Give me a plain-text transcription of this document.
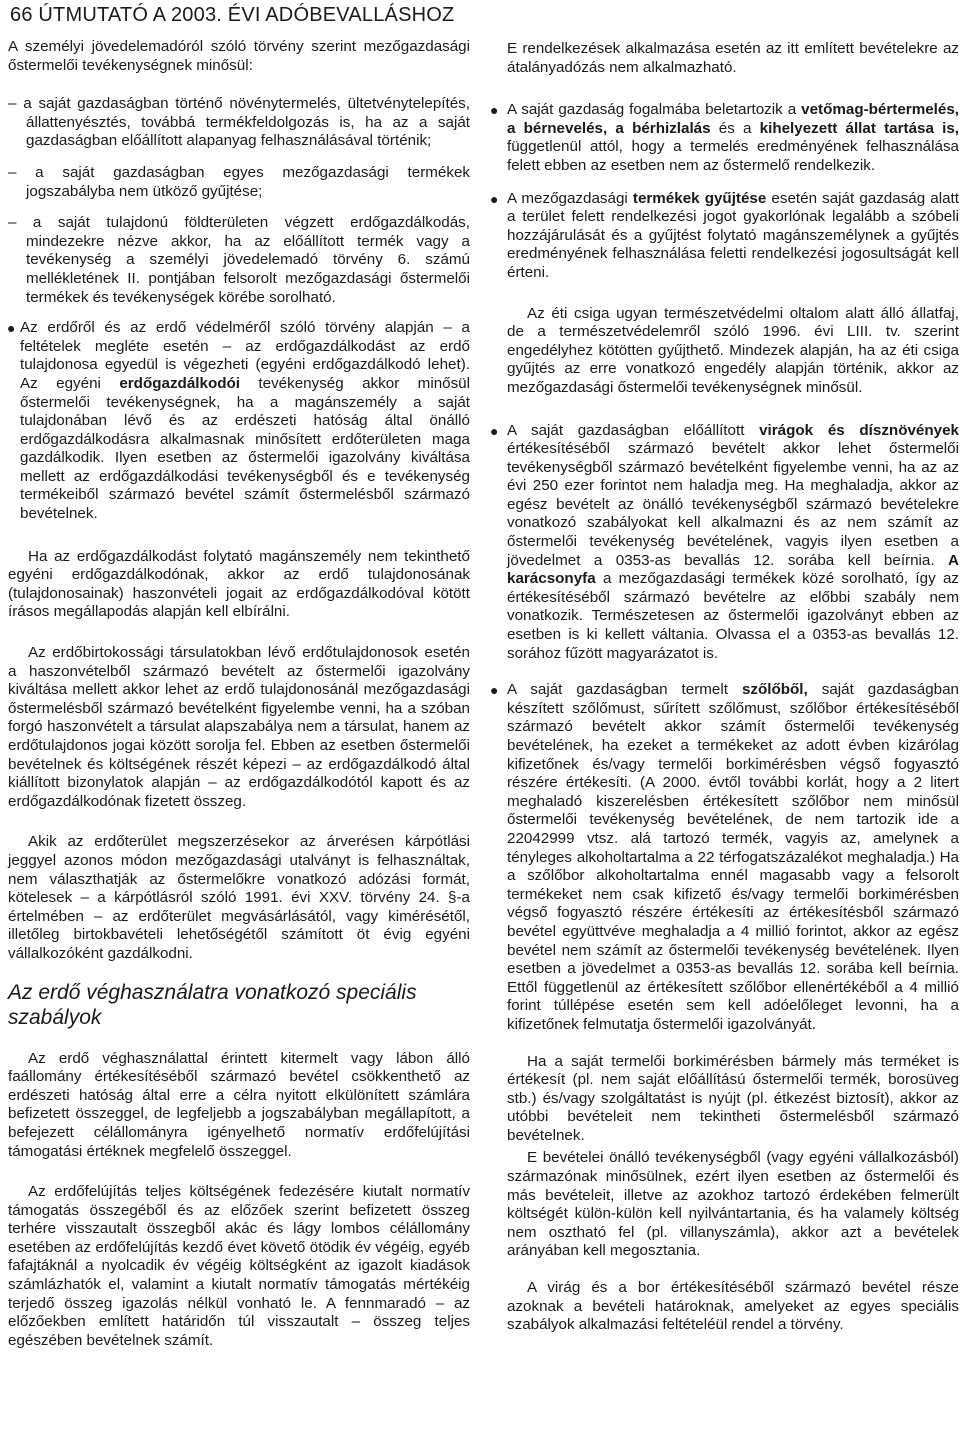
66 ÚTMUTATÓ A 2003. ÉVI ADÓBEVALLÁSHOZ

A személyi jövedelemadóról szóló törvény szerint mezőgazdasági őstermelői tevékenységnek minősül:

– a saját gazdaságban történő növénytermelés, ültetvénytelepítés, állattenyésztés, továbbá termékfeldolgozás is, ha az a saját gazdaságban előállított alapanyag felhasználásával történik;

– a saját gazdaságban egyes mezőgazdasági termékek jogszabályba nem ütköző gyűjtése;

– a saját tulajdonú földterületen végzett erdőgazdálkodás, mindezekre nézve akkor, ha az előállított termék vagy a tevékenység a személyi jövedelemadó törvény 6. számú mellékletének II. pontjában felsorolt mezőgazdasági őstermelői termékek és tevékenységek körébe sorolható.

● Az erdőről és az erdő védelméről szóló törvény alapján – a feltételek megléte esetén – az erdőgazdálkodást az erdő tulajdonosa egyedül is végezheti (egyéni erdőgazdálkodó lehet). Az egyéni erdőgazdálkodói tevékenység akkor minősül őstermelői tevékenységnek, ha a magánszemély a saját tulajdonában lévő és az erdészeti hatóság által önálló erdőgazdálkodásra alkalmasnak minősített erdőterületen maga gazdálkodik. Ilyen esetben az őstermelői igazolvány kiváltása mellett az erdőgazdálkodási tevékenységből és e tevékenység termékeiből származó bevétel számít őstermelésből származó bevételnek.

Ha az erdőgazdálkodást folytató magánszemély nem tekinthető egyéni erdőgazdálkodónak, akkor az erdő tulajdonosának (tulajdonosainak) haszonvételi jogait az erdőgazdálkodóval kötött írásos megállapodás alapján kell elbírálni.

Az erdőbirtokossági társulatokban lévő erdőtulajdonosok esetén a haszonvételből származó bevételt az őstermelői igazolvány kiváltása mellett akkor lehet az erdő tulajdonosánál mezőgazdasági őstermelésből származó bevételként figyelembe venni, ha a szóban forgó haszonvételt a társulat alapszabálya nem a társulat, hanem az erdőtulajdonos jogai között sorolja fel. Ebben az esetben őstermelői bevételnek és költségének részét képezi – az erdőgazdálkodó által kiállított bizonylatok alapján – az erdőgazdálkodótól kapott és az erdőgazdálkodónak fizetett összeg.

Akik az erdőterület megszerzésekor az árverésen kárpótlási jeggyel azonos módon mezőgazdasági utalványt is felhasználtak, nem választhatják az őstermelőkre vonatkozó adózási formát, kötelesek – a kárpótlásról szóló 1991. évi XXV. törvény 24. §-a értelmében – az erdőterület megvásárlásától, vagy kimérésétől, illetőleg birtokbavételi lehetőségétől számított öt évig egyéni vállalkozóként gazdálkodni.

Az erdő véghasználatra vonatkozó speciális szabályok

Az erdő véghasználattal érintett kitermelt vagy lábon álló faállomány értékesítéséből származó bevétel csökkenthető az erdészeti hatóság által erre a célra nyitott elkülönített számlára befizetett összeggel, de legfeljebb a jogszabályban megállapított, a befejezett célállományra igényelhető normatív erdőfelújítási támogatási értéknek megfelelő összeggel.

Az erdőfelújítás teljes költségének fedezésére kiutalt normatív támogatás összegéből és az előzőek szerint befizetett összeg terhére visszautalt összegből akác és lágy lombos célállomány esetében az erdőfelújítás kezdő évet követő ötödik év végéig, egyéb fafajtáknál a nyolcadik év végéig költségként az igazolt kiadások számlázhatók el, valamint a kiutalt normatív támogatás mértékéig terjedő összeg igazolás nélkül vonható le. A fennmaradó – az előzőekben említett határidőn túl visszautalt – összeg teljes egészében bevételnek számít.

E rendelkezések alkalmazása esetén az itt említett bevételekre az átalányadózás nem alkalmazható.

● A saját gazdaság fogalmába beletartozik a vetőmag-bértermelés, a bérnevelés, a bérhizlalás és a kihelyezett állat tartása is, függetlenül attól, hogy a termelés eredményének felhasználása felett ebben az esetben nem az őstermelő rendelkezik.

● A mezőgazdasági termékek gyűjtése esetén saját gazdaság alatt a terület felett rendelkezési jogot gyakorlónak legalább a szóbeli hozzájárulását és a gyűjtést folytató magánszemélynek a gyűjtés eredményének felhasználása feletti rendelkezési jogosultságát kell érteni.

Az éti csiga ugyan természetvédelmi oltalom alatt álló állatfaj, de a természetvédelemről szóló 1996. évi LIII. tv. szerint engedélyhez kötötten gyűjthető. Mindezek alapján, ha az éti csiga gyűjtés az erre vonatkozó engedély alapján történik, akkor az mezőgazdasági őstermelői tevékenységnek minősül.

● A saját gazdaságban előállított virágok és dísznövények értékesítéséből származó bevételt akkor lehet őstermelői tevékenységből származó bevételként figyelembe venni, ha az az évi 250 ezer forintot nem haladja meg. Ha meghaladja, akkor az egész bevételt az önálló tevékenységből származó bevételekre vonatkozó szabályokat kell alkalmazni és az nem számít az őstermelői tevékenység bevételének, vagyis ilyen esetben a jövedelmet a 0353-as bevallás 12. sorába kell beírnia. A karácsonyfa a mezőgazdasági termékek közé sorolható, így az értékesítéséből származó bevételre az előbbi szabály nem vonatkozik. Természetesen az őstermelői igazolványt ebben az esetben is ki kellett váltania. Olvassa el a 0353-as bevallás 12. sorához fűzött magyarázatot is.

● A saját gazdaságban termelt szőlőből, saját gazdaságban készített szőlőmust, sűrített szőlőmust, szőlőbor értékesítéséből származó bevételt akkor számít őstermelői tevékenység bevételének, ha ezeket a termékeket az adott évben kizárólag kifizetőnek és/vagy termelői borkimérésben végső fogyasztó részére értékesíti. (A 2000. évtől további korlát, hogy a 2 litert meghaladó kiszerelésben értékesített szőlőbor nem minősül őstermelői tevékenység bevételének, de nem tartozik ide a 22042999 vtsz. alá tartozó termék, vagyis az, amelynek a tényleges alkoholtartalma a 22 térfogatszázalékot meghaladja.) Ha a szőlőbor alkoholtartalma ennél magasabb vagy a felsorolt termékeket nem csak kifizető és/vagy termelői borkimérésben végső fogyasztó részére értékesíti az értékesítésből származó bevétel együttvéve meghaladja a 4 millió forintot, akkor az egész bevétel nem számít az őstermelői tevékenység bevételének. Ilyen esetben a jövedelmet a 0353-as bevallás 12. sorába kell beírnia. Ettől függetlenül az értékesített szőlőbor ellenértékéből a 4 millió forint túllépése esetén sem kell adóelőleget levonni, ha a kifizetőnek felmutatja őstermelői igazolványát.

Ha a saját termelői borkimérésben bármely más terméket is értékesít (pl. nem saját előállítású őstermelői termék, borosüveg stb.) és/vagy szolgáltatást is nyújt (pl. étkezést biztosít), akkor az utóbbi bevételeit nem tekintheti őstermelésből származó bevételnek.

E bevételei önálló tevékenységből (vagy egyéni vállalkozásból) származónak minősülnek, ezért ilyen esetben az őstermelői és más bevételeit, illetve az azokhoz tartozó érdekében felmerült költségét külön-külön kell nyilvántartania, és ha valamely költség nem osztható fel (pl. villanyszámla), akkor azt a bevételek arányában kell megosztania.

A virág és a bor értékesítéséből származó bevétel része azoknak a bevételi határoknak, amelyeket az egyes speciális szabályok alkalmazási feltételéül rendel a törvény.
